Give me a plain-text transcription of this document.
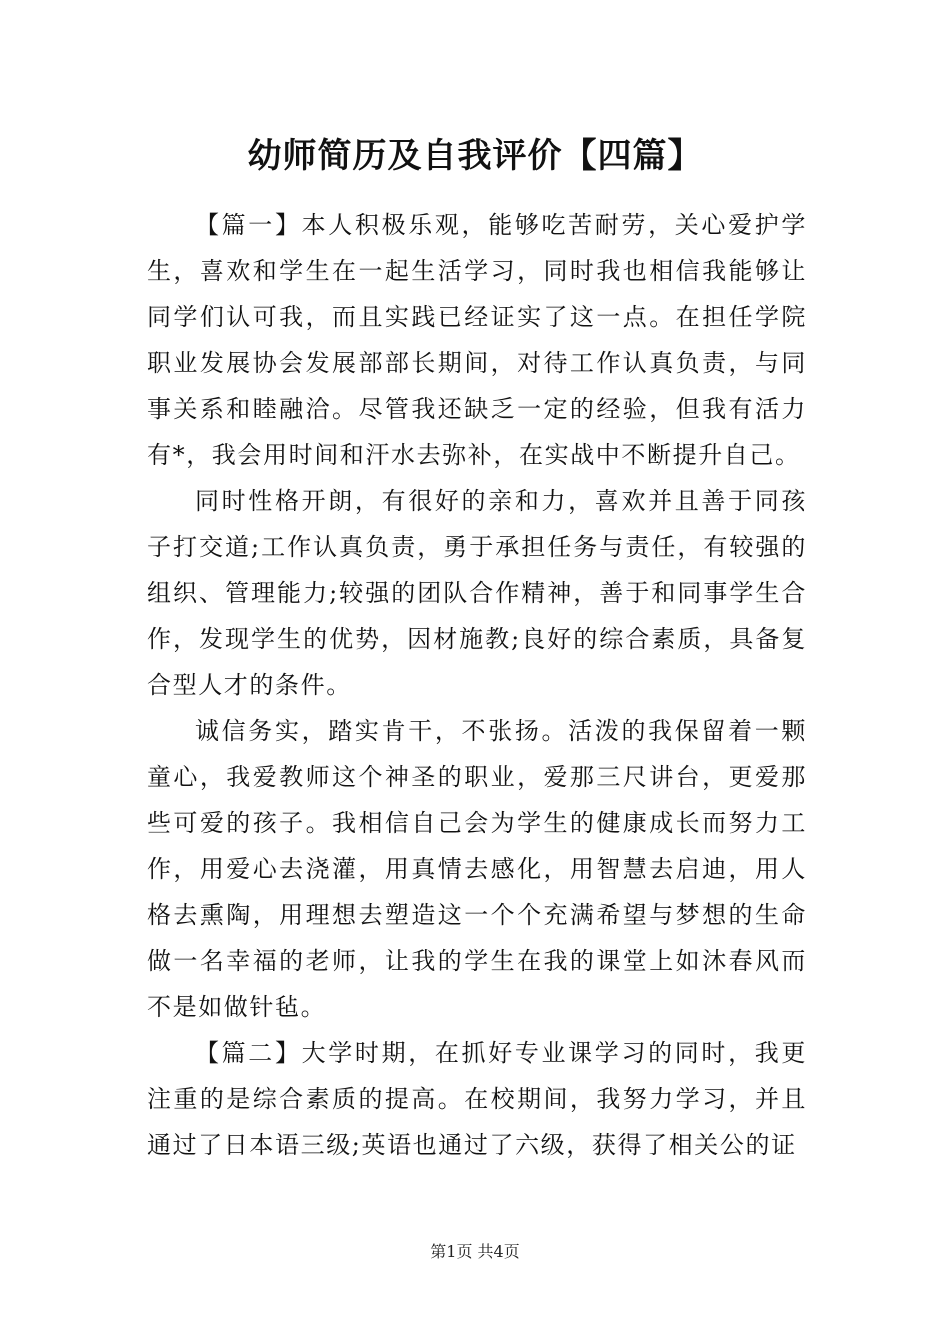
幼师简历及自我评价【四篇】

【篇一】本人积极乐观，能够吃苦耐劳，关心爱护学生，喜欢和学生在一起生活学习，同时我也相信我能够让同学们认可我，而且实践已经证实了这一点。在担任学院职业发展协会发展部部长期间，对待工作认真负责，与同事关系和睦融洽。尽管我还缺乏一定的经验，但我有活力有*，我会用时间和汗水去弥补，在实战中不断提升自己。

同时性格开朗，有很好的亲和力，喜欢并且善于同孩子打交道;工作认真负责，勇于承担任务与责任，有较强的组织、管理能力;较强的团队合作精神，善于和同事学生合作，发现学生的优势，因材施教;良好的综合素质，具备复合型人才的条件。

诚信务实，踏实肯干，不张扬。活泼的我保留着一颗童心，我爱教师这个神圣的职业，爱那三尺讲台，更爱那些可爱的孩子。我相信自己会为学生的健康成长而努力工作，用爱心去浇灌，用真情去感化，用智慧去启迪，用人格去熏陶，用理想去塑造这一个个充满希望与梦想的生命做一名幸福的老师，让我的学生在我的课堂上如沐春风而不是如做针毡。

【篇二】大学时期，在抓好专业课学习的同时，我更注重的是综合素质的提高。在校期间，我努力学习，并且通过了日本语三级;英语也通过了六级，获得了相关公的证

第1页 共4页
